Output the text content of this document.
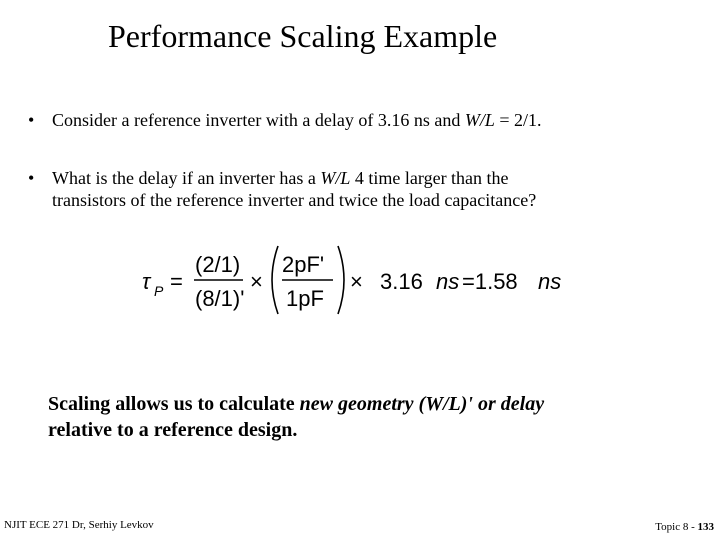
Performance Scaling Example
• Consider a reference inverter with a delay of 3.16 ns and W/L = 2/1.
• What is the delay if an inverter has a W/L 4 time larger than the
transistors of the reference inverter and twice the load capacitance?
τ P =
(2/1)
(8/1)'
×
2pF'
1pF
× 3.16 ns =1.58 ns
Scaling allows us to calculate new geometry (W/L)' or delay
relative to a reference design.
NJIT ECE 271 Dr, Serhiy Levkov	Topic 8 - 133
